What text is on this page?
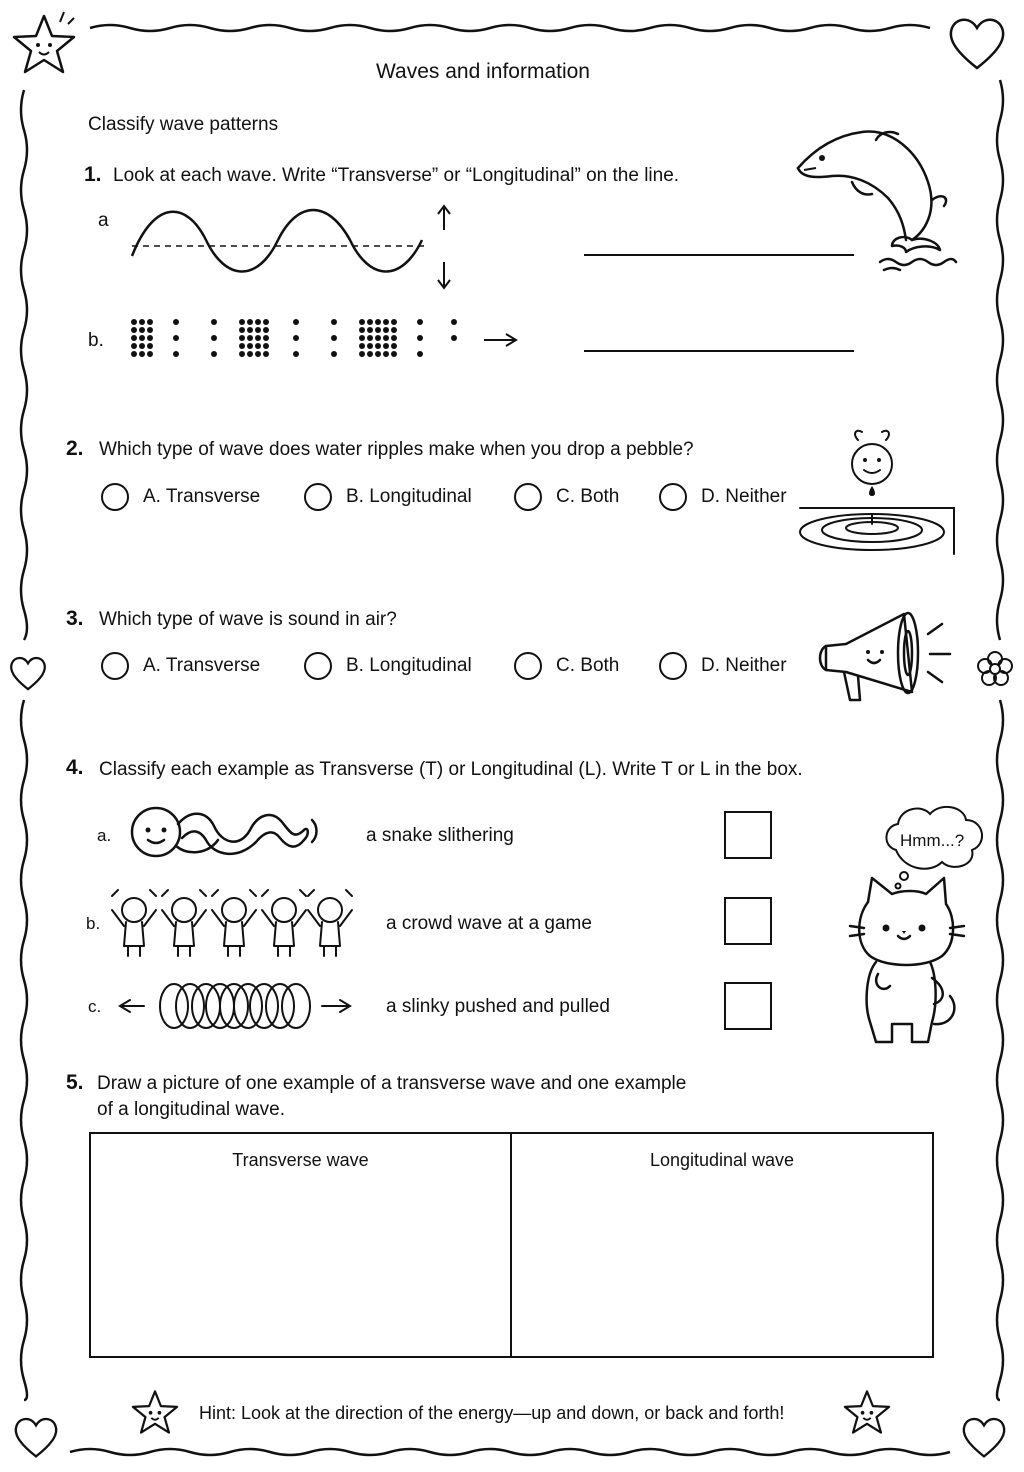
Waves and information
Classify wave patterns
1. Look at each wave. Write “Transverse” or “Longitudinal” on the line.
a
b.
2. Which type of wave does water ripples make when you drop a pebble?
A. Transverse	B. Longitudinal	C. Both	D. Neither
3. Which type of wave is sound in air?
A. Transverse	B. Longitudinal	C. Both	D. Neither
4. Classify each example as Transverse (T) or Longitudinal (L). Write T or L in the box.
a.	a snake slithering
b.	a crowd wave at a game
c.	a slinky pushed and pulled
Hmm...?
5. Draw a picture of one example of a transverse wave and one example
of a longitudinal wave.
Transverse wave	Longitudinal wave
Hint: Look at the direction of the energy—up and down, or back and forth!
